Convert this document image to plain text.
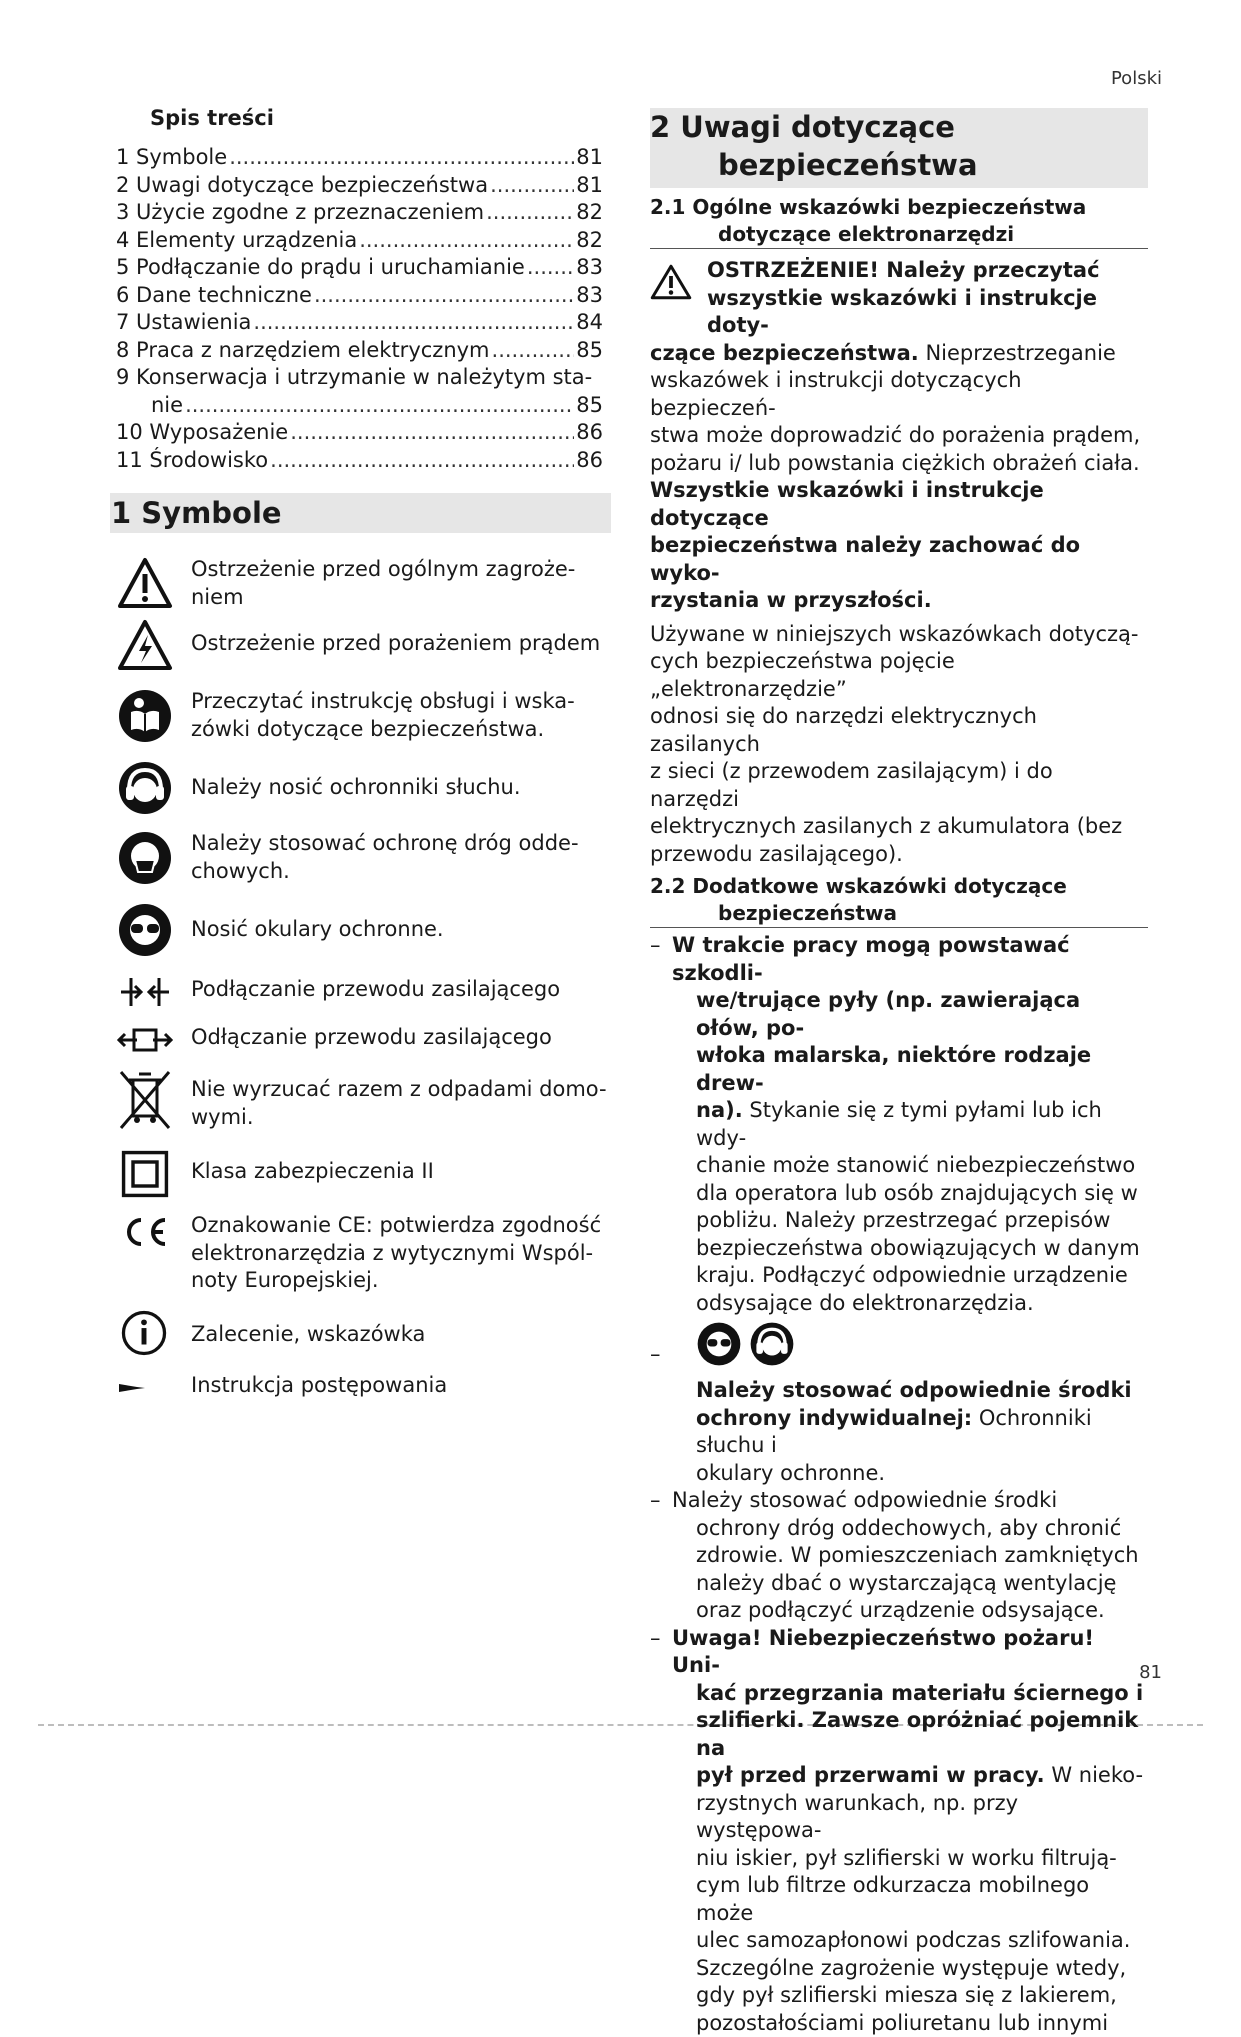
Polski
81
Spis treści
1 Symbole .....	81
2 Uwagi dotyczące bezpieczeństwa .....	81
3 Użycie zgodne z przeznaczeniem .....	82
4 Elementy urządzenia .....	82
5 Podłączanie do prądu i uruchamianie ..... 83
6 Dane techniczne .....	83
7 Ustawienia .....	84
8 Praca z narzędziem elektrycznym .....	85
9 Konserwacja i utrzymanie w należytym sta-
nie .....	85
10 Wyposażenie .....	86
11 Środowisko .....	86
1 Symbole
Ostrzeżenie przed ogólnym zagroże-
niem
Ostrzeżenie przed porażeniem prądem
Przeczytać instrukcję obsługi i wska-
zówki dotyczące bezpieczeństwa.
Należy nosić ochronniki słuchu.
Należy stosować ochronę dróg odde-
chowych.
Nosić okulary ochronne.
Podłączanie przewodu zasilającego
Odłączanie przewodu zasilającego
Nie wyrzucać razem z odpadami domo-
wymi.
Klasa zabezpieczenia II
Oznakowanie CE: potwierdza zgodność
elektronarzędzia z wytycznymi Wspól-
noty Europejskiej.
Zalecenie, wskazówka
Instrukcja postępowania
2 Uwagi dotyczące
bezpieczeństwa
2.1 Ogólne wskazówki bezpieczeństwa
dotyczące elektronarzędzi
OSTRZEŻENIE! Należy przeczytać
wszystkie wskazówki i instrukcje doty-
czące bezpieczeństwa. Nieprzestrzeganie
wskazówek i instrukcji dotyczących bezpieczeń-
stwa może doprowadzić do porażenia prądem,
pożaru i/ lub powstania ciężkich obrażeń ciała.
Wszystkie wskazówki i instrukcje dotyczące
bezpieczeństwa należy zachować do wyko-
rzystania w przyszłości.
Używane w niniejszych wskazówkach dotyczą-
cych bezpieczeństwa pojęcie „elektronarzędzie”
odnosi się do narzędzi elektrycznych zasilanych
z sieci (z przewodem zasilającym) i do narzędzi
elektrycznych zasilanych z akumulatora (bez
przewodu zasilającego).
2.2 Dodatkowe wskazówki dotyczące
bezpieczeństwa
– W trakcie pracy mogą powstawać szkodli-
we/trujące pyły (np. zawierająca ołów, po-
włoka malarska, niektóre rodzaje drew-
na). Stykanie się z tymi pyłami lub ich wdy-
chanie może stanowić niebezpieczeństwo
dla operatora lub osób znajdujących się w
pobliżu. Należy przestrzegać przepisów
bezpieczeństwa obowiązujących w danym
kraju. Podłączyć odpowiednie urządzenie
odsysające do elektronarzędzia.
–

Należy stosować odpowiednie środki
ochrony indywidualnej: Ochronniki słuchu i
okulary ochronne.
– Należy stosować odpowiednie środki
ochrony dróg oddechowych, aby chronić
zdrowie. W pomieszczeniach zamkniętych
należy dbać o wystarczającą wentylację
oraz podłączyć urządzenie odsysające.
– Uwaga! Niebezpieczeństwo pożaru! Uni-
kać przegrzania materiału ściernego i
szlifierki. Zawsze opróżniać pojemnik na
pył przed przerwami w pracy. W nieko-
rzystnych warunkach, np. przy występowa-
niu iskier, pył szlifierski w worku filtrują-
cym lub filtrze odkurzacza mobilnego może
ulec samozapłonowi podczas szlifowania.
Szczególne zagrożenie występuje wtedy,
gdy pył szlifierski miesza się z lakierem,
pozostałościami poliuretanu lub innymi
